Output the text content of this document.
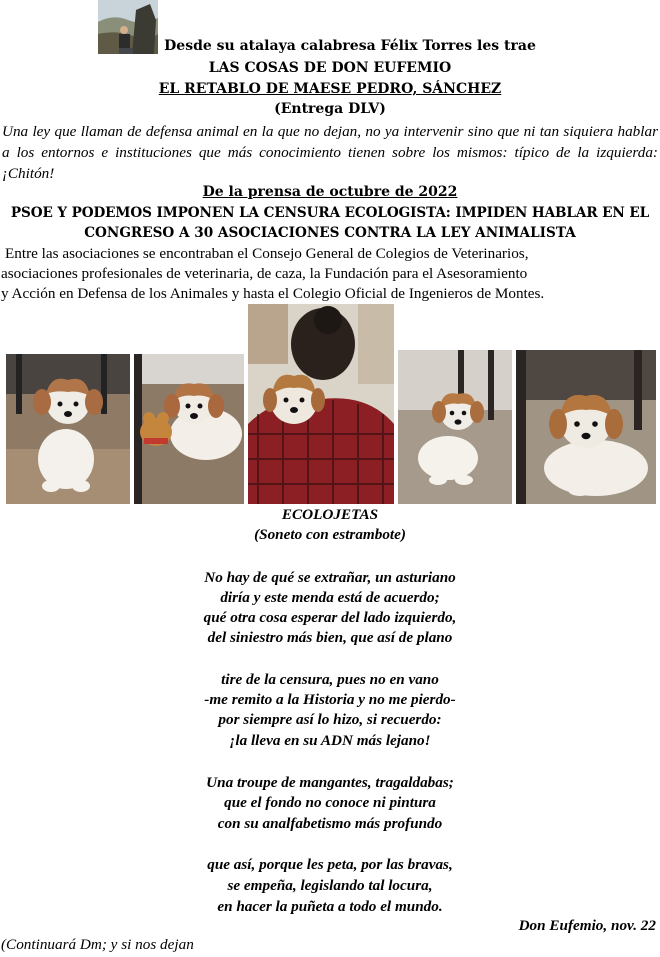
Desde su atalaya calabresa Félix Torres les trae
LAS COSAS DE DON EUFEMIO
EL RETABLO DE MAESE PEDRO, SÁNCHEZ
(Entrega DLV)
Una ley que llaman de defensa animal en la que no dejan, no ya intervenir sino que ni tan siquiera hablar a los entornos e instituciones que más conocimiento tienen sobre los mismos: típico de la izquierda: ¡Chitón!
De la prensa de octubre de 2022
PSOE Y PODEMOS IMPONEN LA CENSURA ECOLOGISTA: IMPIDEN HABLAR EN EL
CONGRESO A 30 ASOCIACIONES CONTRA LA LEY ANIMALISTA
Entre las asociaciones se encontraban el Consejo General de Colegios de Veterinarios,
asociaciones profesionales de veterinaria, de caza, la Fundación para el Asesoramiento
y Acción en Defensa de los Animales y hasta el Colegio Oficial de Ingenieros de Montes.
ECOLOJETAS
(Soneto con estrambote)
No hay de qué se extrañar, un asturiano
diría y este menda está de acuerdo;
qué otra cosa esperar del lado izquierdo,
del siniestro más bien, que así de plano
tire de la censura, pues no en vano
-me remito a la Historia y no me pierdo-
por siempre así lo hizo, si recuerdo:
¡la lleva en su ADN más lejano!
Una troupe de mangantes, tragaldabas;
que el fondo no conoce ni pintura
con su analfabetismo más profundo
que así, porque les peta, por las bravas,
se empeña, legislando tal locura,
en hacer la puñeta a todo el mundo.
Don Eufemio, nov. 22
(Continuará Dm; y si nos dejan
